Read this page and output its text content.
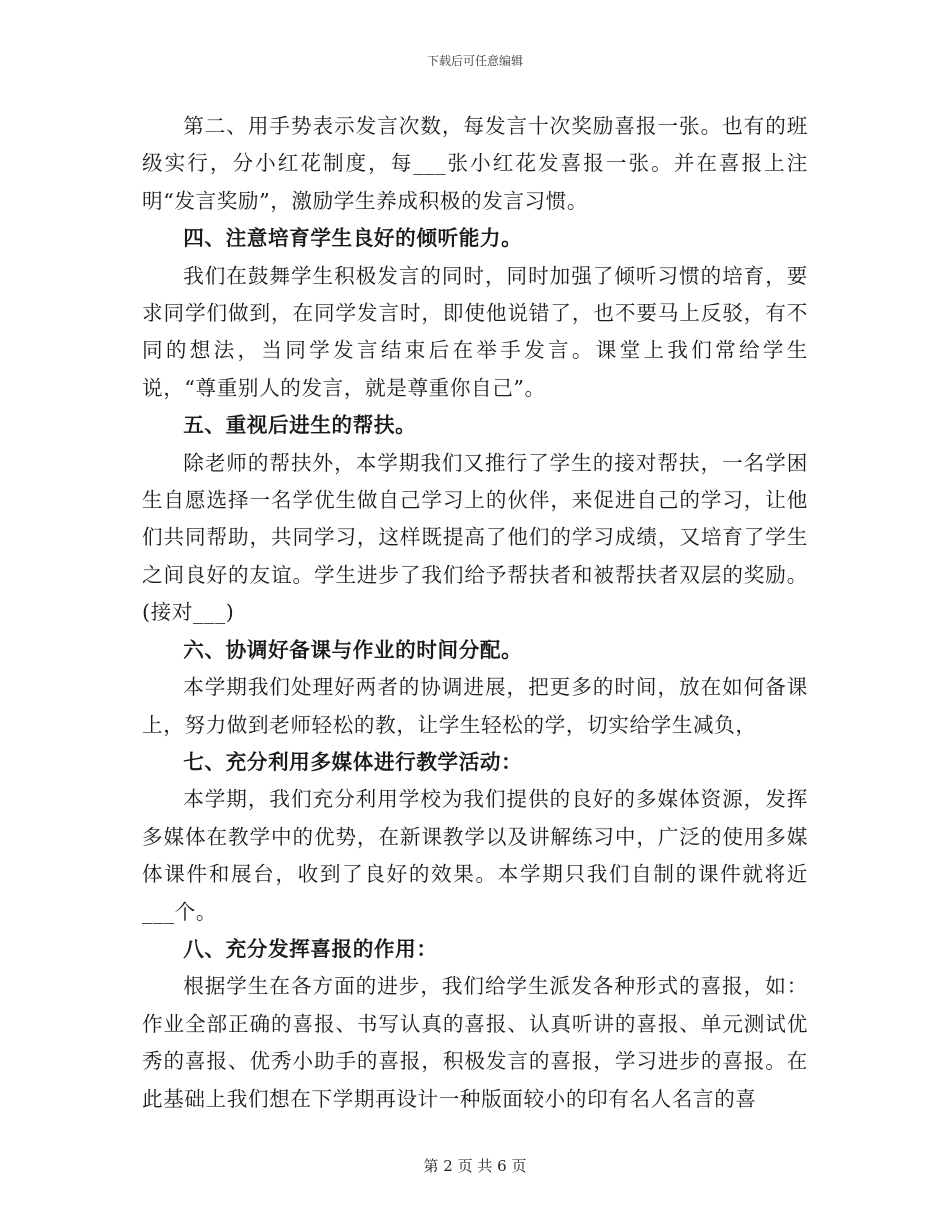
下载后可任意编辑

第二、用手势表示发言次数，每发言十次奖励喜报一张。也有的班级实行，分小红花制度，每___张小红花发喜报一张。并在喜报上注明“发言奖励”，激励学生养成积极的发言习惯。

四、注意培育学生良好的倾听能力。

我们在鼓舞学生积极发言的同时，同时加强了倾听习惯的培育，要求同学们做到，在同学发言时，即使他说错了，也不要马上反驳，有不同的想法，当同学发言结束后在举手发言。课堂上我们常给学生说，“尊重别人的发言，就是尊重你自己”。

五、重视后进生的帮扶。

除老师的帮扶外，本学期我们又推行了学生的接对帮扶，一名学困生自愿选择一名学优生做自己学习上的伙伴，来促进自己的学习，让他们共同帮助，共同学习，这样既提高了他们的学习成绩，又培育了学生之间良好的友谊。学生进步了我们给予帮扶者和被帮扶者双层的奖励。(接对___)

六、协调好备课与作业的时间分配。

本学期我们处理好两者的协调进展，把更多的时间，放在如何备课上，努力做到老师轻松的教，让学生轻松的学，切实给学生减负，

七、充分利用多媒体进行教学活动：

本学期，我们充分利用学校为我们提供的良好的多媒体资源，发挥多媒体在教学中的优势，在新课教学以及讲解练习中，广泛的使用多媒体课件和展台，收到了良好的效果。本学期只我们自制的课件就将近___个。

八、充分发挥喜报的作用：

根据学生在各方面的进步，我们给学生派发各种形式的喜报，如：作业全部正确的喜报、书写认真的喜报、认真听讲的喜报、单元测试优秀的喜报、优秀小助手的喜报，积极发言的喜报，学习进步的喜报。在此基础上我们想在下学期再设计一种版面较小的印有名人名言的喜

第 2 页 共 6 页
